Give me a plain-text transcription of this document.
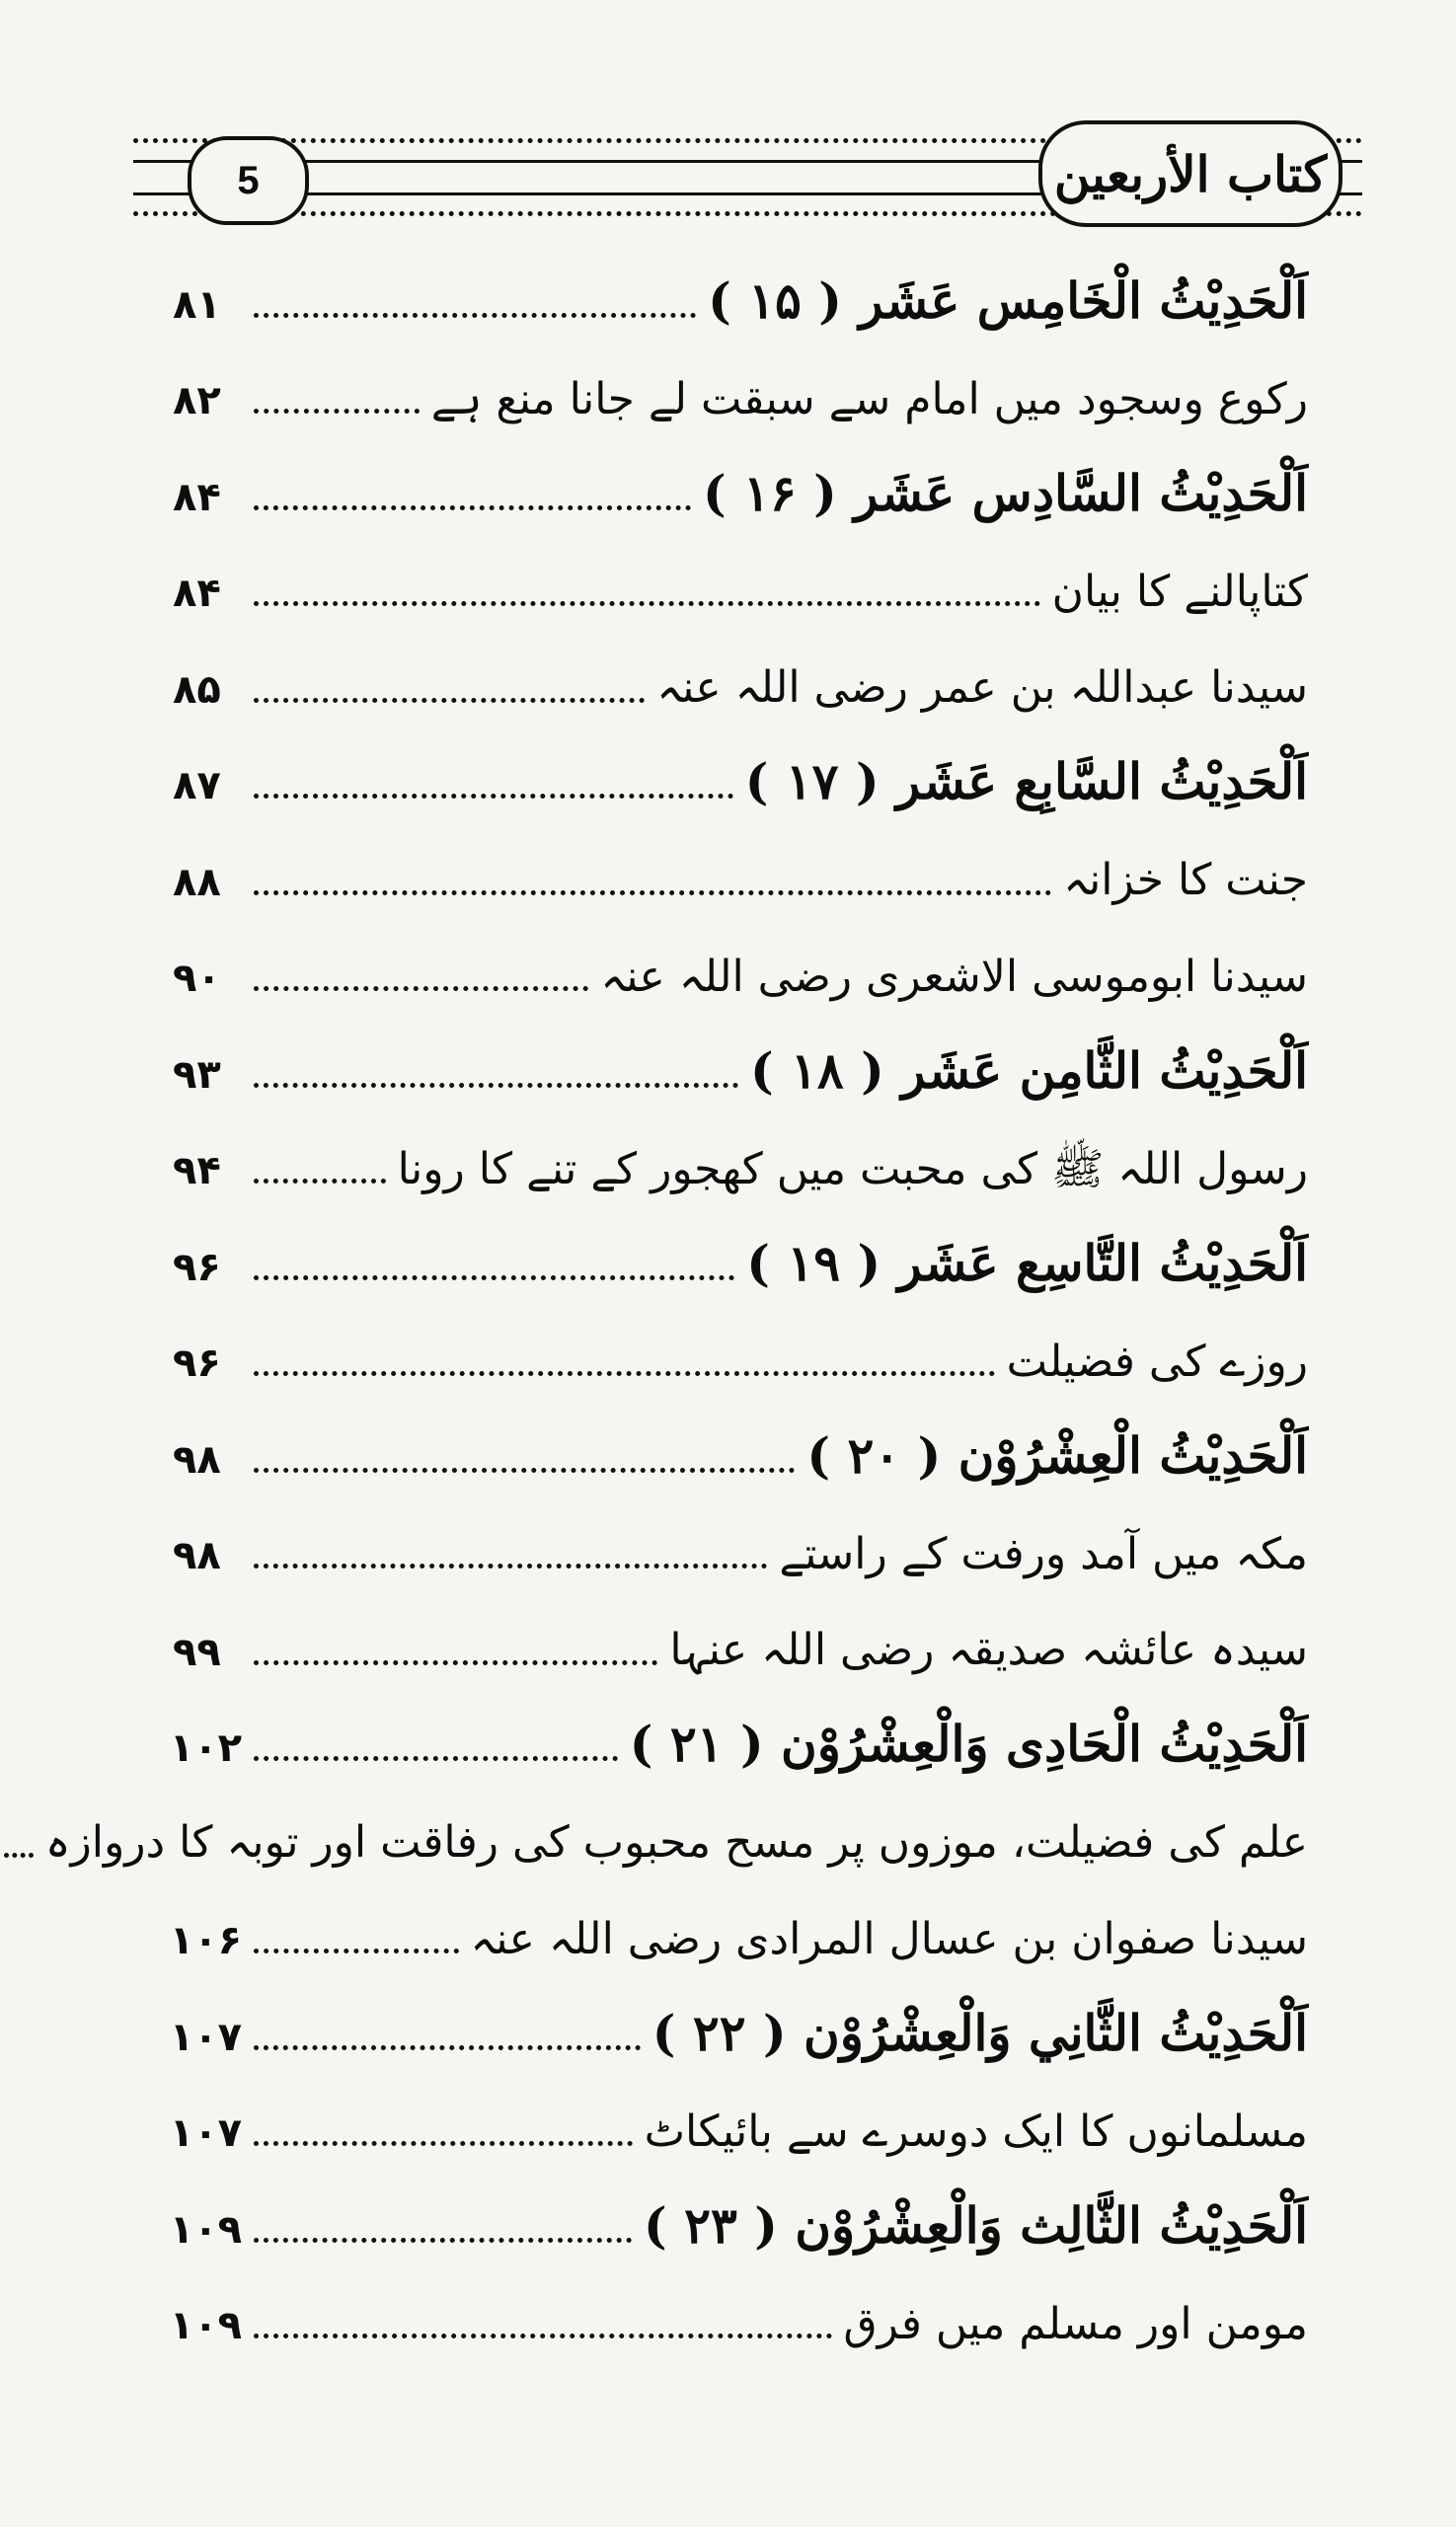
5	کتاب الأربعین
اَلْحَدِیْثُ الْخَامِس عَشَر ( ۱۵ )
۸۱
رکوع وسجود میں امام سے سبقت لے جانا منع ہے
۸۲
اَلْحَدِیْثُ السَّادِس عَشَر ( ۱۶ )
۸۴
کتاپالنے کا بیان
۸۴
سیدنا عبداللہ بن عمر رضی اللہ عنہ
۸۵
اَلْحَدِیْثُ السَّابِع عَشَر ( ۱۷ )
۸۷
جنت کا خزانہ
۸۸
سیدنا ابوموسی الاشعری رضی اللہ عنہ
۹۰
اَلْحَدِیْثُ الثَّامِن عَشَر ( ۱۸ )
۹۳
رسول اللہ ﷺ کی محبت میں کھجور کے تنے کا رونا
۹۴
اَلْحَدِیْثُ التَّاسِع عَشَر ( ۱۹ )
۹۶
روزے کی فضیلت
۹۶
اَلْحَدِیْثُ الْعِشْرُوْن ( ۲۰ )
۹۸
مکہ میں آمد ورفت کے راستے
۹۸
سیدہ عائشہ صدیقہ رضی اللہ عنہا
۹۹
اَلْحَدِیْثُ الْحَادِی وَالْعِشْرُوْن ( ۲۱ )
۱۰۲
علم کی فضیلت، موزوں پر مسح محبوب کی رفاقت اور توبہ کا دروازہ
سیدنا صفوان بن عسال المرادی رضی اللہ عنہ
۱۰۶
اَلْحَدِیْثُ الثَّانِي وَالْعِشْرُوْن ( ۲۲ )
۱۰۷
مسلمانوں کا ایک دوسرے سے بائیکاٹ
۱۰۷
اَلْحَدِیْثُ الثَّالِث وَالْعِشْرُوْن ( ۲۳ )
۱۰۹
مومن اور مسلم میں فرق
۱۰۹
